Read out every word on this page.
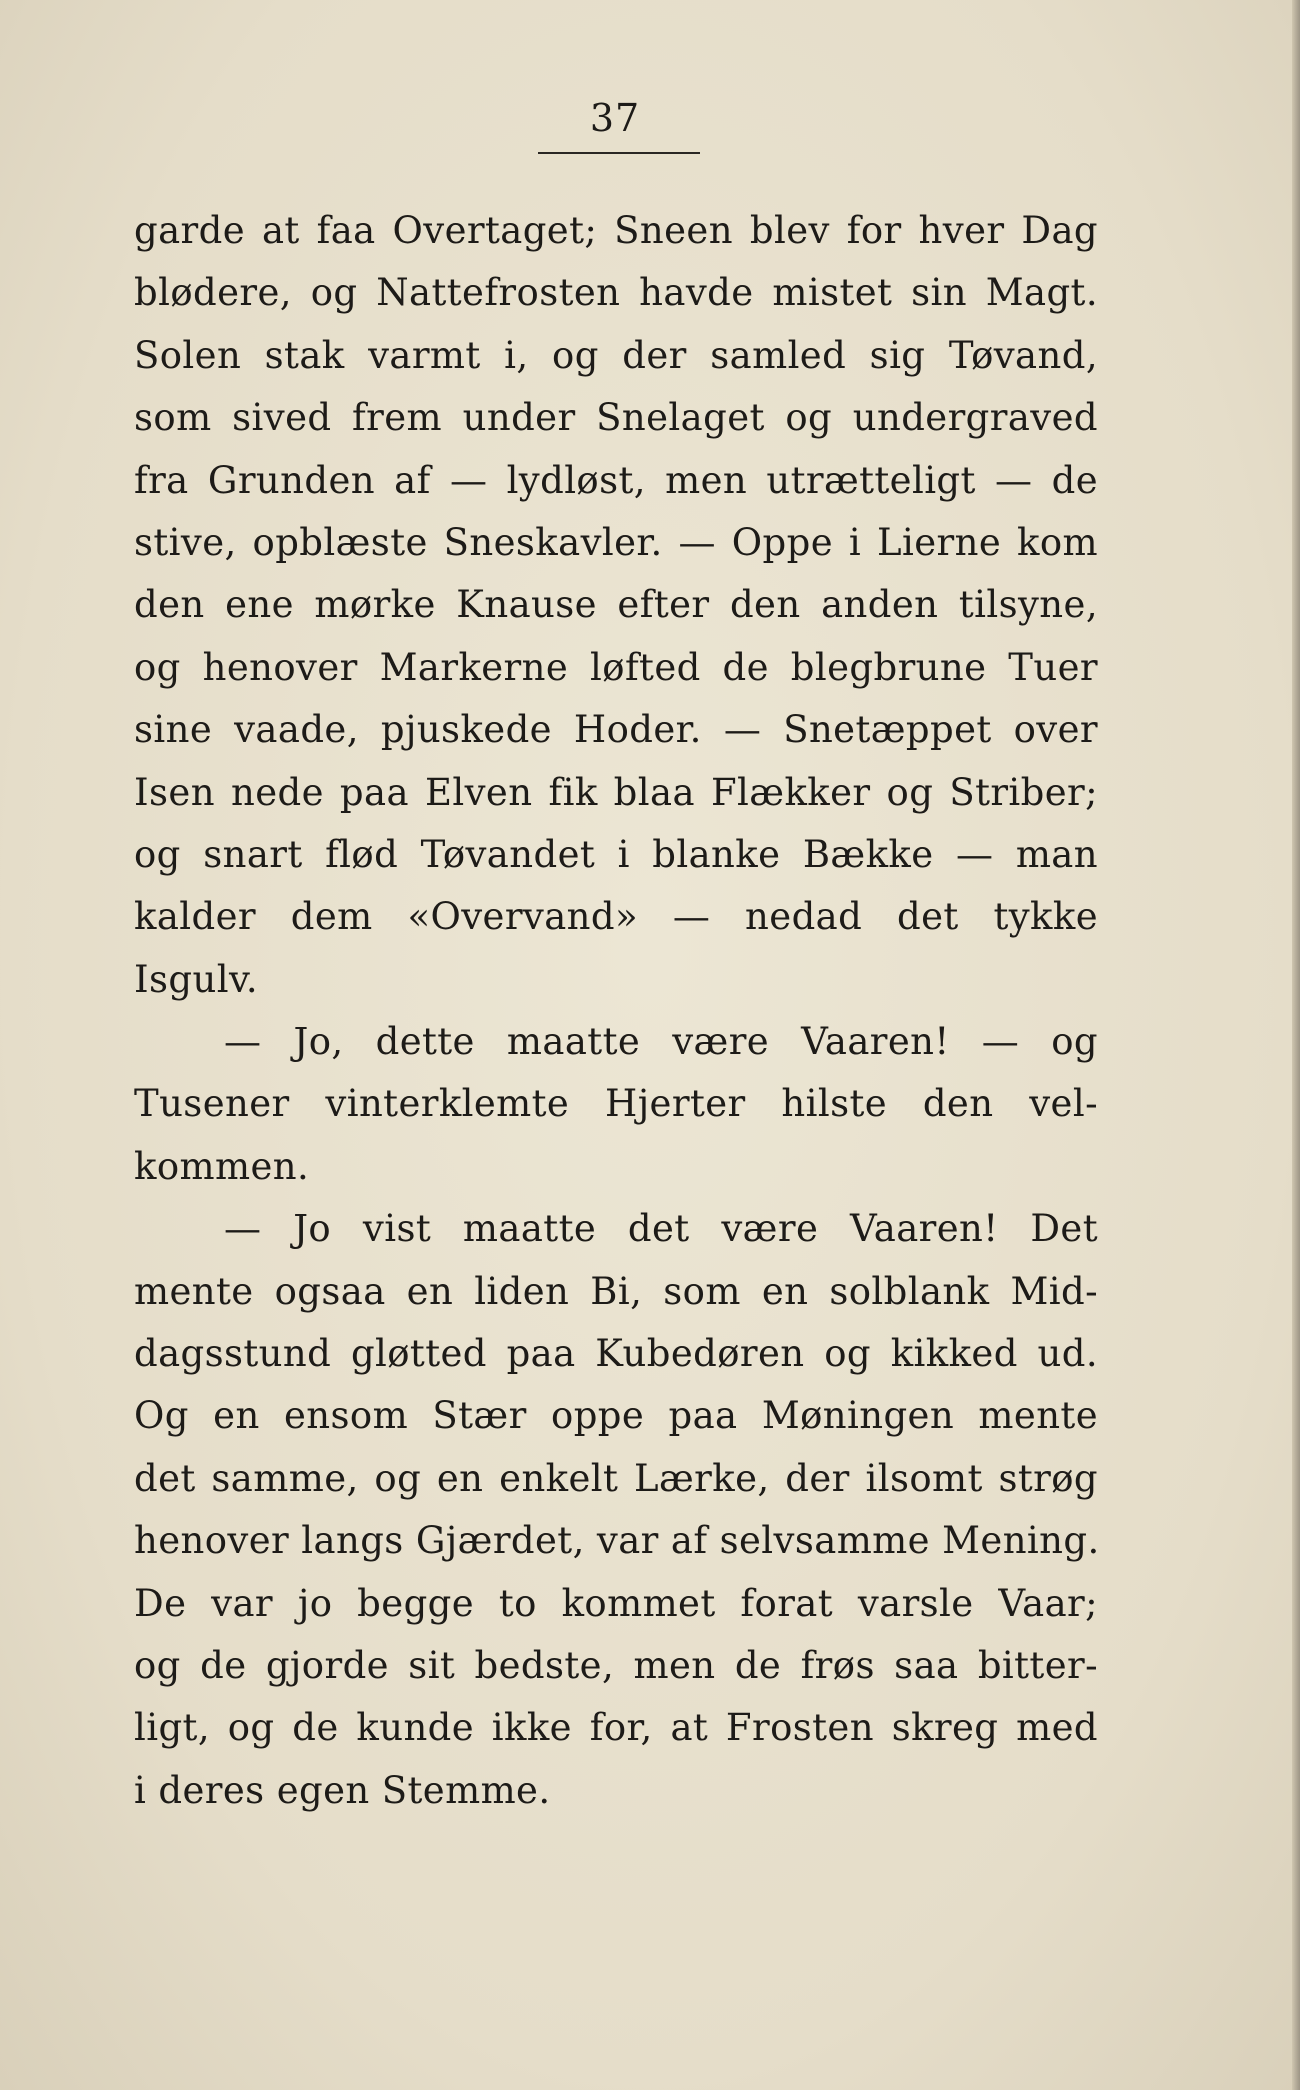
37
garde at faa Overtaget; Sneen blev for hver Dag
blødere, og Nattefrosten havde mistet sin Magt.
Solen stak varmt i, og der samled sig Tøvand,
som sived frem under Snelaget og undergraved
fra Grunden af — lydløst, men utrætteligt — de
stive, opblæste Sneskavler. — Oppe i Lierne kom
den ene mørke Knause efter den anden tilsyne,
og henover Markerne løfted de blegbrune Tuer
sine vaade, pjuskede Hoder. — Snetæppet over
Isen nede paa Elven fik blaa Flækker og Striber;
og snart flød Tøvandet i blanke Bække — man
kalder dem «Overvand» — nedad det tykke
Isgulv.
— Jo, dette maatte være Vaaren! — og
Tusener vinterklemte Hjerter hilste den vel-
kommen.
— Jo vist maatte det være Vaaren! Det
mente ogsaa en liden Bi, som en solblank Mid-
dagsstund gløtted paa Kubedøren og kikked ud.
Og en ensom Stær oppe paa Møningen mente
det samme, og en enkelt Lærke, der ilsomt strøg
henover langs Gjærdet, var af selvsamme Mening.
De var jo begge to kommet forat varsle Vaar;
og de gjorde sit bedste, men de frøs saa bitter-
ligt, og de kunde ikke for, at Frosten skreg med
i deres egen Stemme.
